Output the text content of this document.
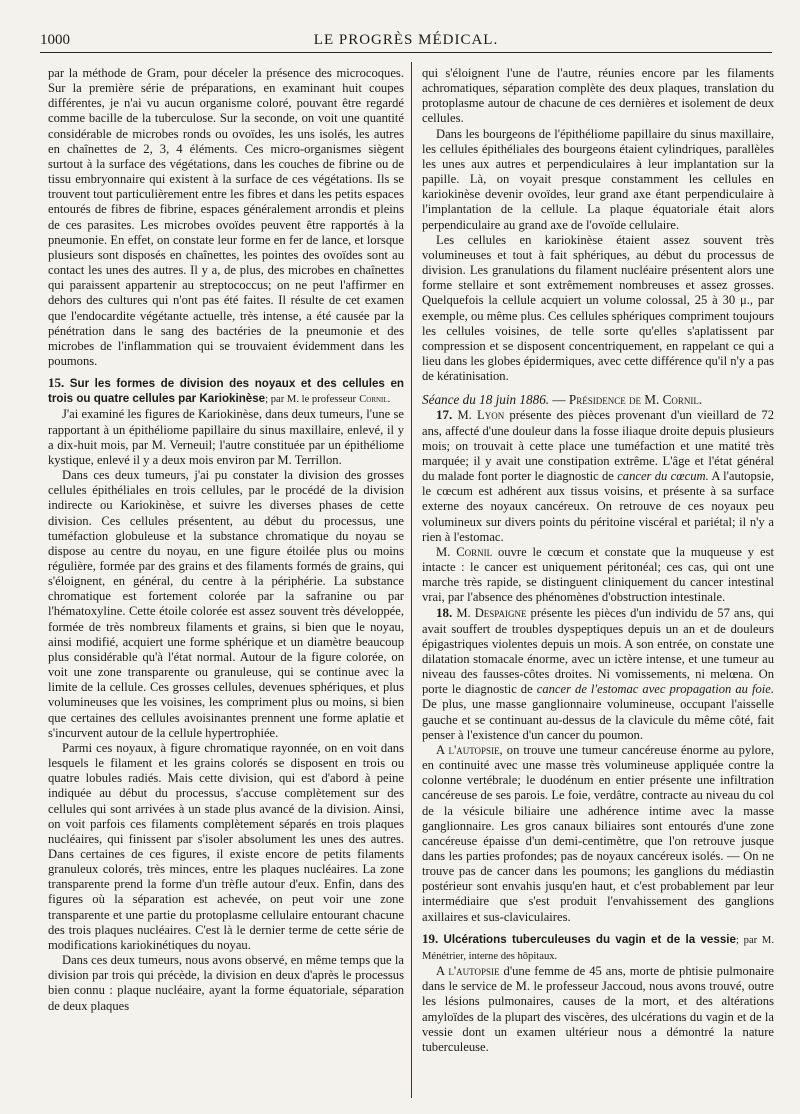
1000	LE PROGRÈS MÉDICAL.

par la méthode de Gram, pour déceler la présence des microcoques. Sur la première série de préparations, en examinant huit coupes différentes, je n'ai vu aucun organisme coloré, pouvant être regardé comme bacille de la tuberculose. Sur la seconde, on voit une quantité considérable de microbes ronds ou ovoïdes, les uns isolés, les autres en chaînettes de 2, 3, 4 éléments. Ces micro-organismes siègent surtout à la surface des végétations, dans les couches de fibrine ou de tissu embryonnaire qui existent à la surface de ces végétations. Ils se trouvent tout particulièrement entre les fibres et dans les petits espaces entourés de fibres de fibrine, espaces généralement arrondis et pleins de ces parasites. Les microbes ovoïdes peuvent être rapportés à la pneumonie. En effet, on constate leur forme en fer de lance, et lorsque plusieurs sont disposés en chaînettes, les pointes des ovoïdes sont au contact les unes des autres. Il y a, de plus, des microbes en chaînettes qui paraissent appartenir au streptococcus; on ne peut l'affirmer en dehors des cultures qui n'ont pas été faites. Il résulte de cet examen que l'endocardite végétante actuelle, très intense, a été causée par la pénétration dans le sang des bactéries de la pneumonie et des microbes de l'inflammation qui se trouvaient évidemment dans les poumons.

15. Sur les formes de division des noyaux et des cellules en trois ou quatre cellules par Kariokinèse; par M. le professeur Cornil.

J'ai examiné les figures de Kariokinèse, dans deux tumeurs, l'une se rapportant à un épithéliome papillaire du sinus maxillaire, enlevé, il y a dix-huit mois, par M. Verneuil; l'autre constituée par un épithéliome kystique, enlevé il y a deux mois environ par M. Terrillon.

Dans ces deux tumeurs, j'ai pu constater la division des grosses cellules épithéliales en trois cellules, par le procédé de la division indirecte ou Kariokinèse, et suivre les diverses phases de cette division. Ces cellules présentent, au début du processus, une tuméfaction globuleuse et la substance chromatique du noyau se dispose au centre du noyau, en une figure étoilée plus ou moins régulière, formée par des grains et des filaments formés de grains, qui s'éloignent, en général, du centre à la périphérie. La substance chromatique est fortement colorée par la safranine ou par l'hématoxyline. Cette étoile colorée est assez souvent très développée, formée de très nombreux filaments et grains, si bien que le noyau, ainsi modifié, acquiert une forme sphérique et un diamètre beaucoup plus considérable qu'à l'état normal. Autour de la figure colorée, on voit une zone transparente ou granuleuse, qui se continue avec la limite de la cellule. Ces grosses cellules, devenues sphériques, et plus volumineuses que les voisines, les compriment plus ou moins, si bien que certaines des cellules avoisinantes prennent une forme aplatie et s'incurvent autour de la cellule hypertrophiée.

Parmi ces noyaux, à figure chromatique rayonnée, on en voit dans lesquels le filament et les grains colorés se disposent en trois ou quatre lobules radiés. Mais cette division, qui est d'abord à peine indiquée au début du processus, s'accuse complètement sur des cellules qui sont arrivées à un stade plus avancé de la division. Ainsi, on voit parfois ces filaments complètement séparés en trois plaques nucléaires, qui finissent par s'isoler absolument les unes des autres. Dans certaines de ces figures, il existe encore de petits filaments granuleux colorés, très minces, entre les plaques nucléaires. La zone transparente prend la forme d'un trèfle autour d'eux. Enfin, dans des figures où la séparation est achevée, on peut voir une zone transparente et une partie du protoplasme cellulaire entourant chacune des trois plaques nucléaires. C'est là le dernier terme de cette série de modifications kariokinétiques du noyau.

Dans ces deux tumeurs, nous avons observé, en même temps que la division par trois qui précède, la division en deux d'après le processus bien connu : plaque nucléaire, ayant la forme équatoriale, séparation de deux plaques

qui s'éloignent l'une de l'autre, réunies encore par les filaments achromatiques, séparation complète des deux plaques, translation du protoplasme autour de chacune de ces dernières et isolement de deux cellules.

Dans les bourgeons de l'épithéliome papillaire du sinus maxillaire, les cellules épithéliales des bourgeons étaient cylindriques, parallèles les unes aux autres et perpendiculaires à leur implantation sur la papille. Là, on voyait presque constamment les cellules en kariokinèse devenir ovoïdes, leur grand axe étant perpendiculaire à l'implantation de la cellule. La plaque équatoriale était alors perpendiculaire au grand axe de l'ovoïde cellulaire.

Les cellules en kariokinèse étaient assez souvent très volumineuses et tout à fait sphériques, au début du processus de division. Les granulations du filament nucléaire présentent alors une forme stellaire et sont extrêmement nombreuses et assez grosses. Quelquefois la cellule acquiert un volume colossal, 25 à 30 μ., par exemple, ou même plus. Ces cellules sphériques compriment toujours les cellules voisines, de telle sorte qu'elles s'aplatissent par compression et se disposent concentriquement, en rappelant ce qui a lieu dans les globes épidermiques, avec cette différence qu'il n'y a pas de kératinisation.

Séance du 18 juin 1886. — Présidence de M. Cornil.

17. M. Lyon présente des pièces provenant d'un vieillard de 72 ans, affecté d'une douleur dans la fosse iliaque droite depuis plusieurs mois; on trouvait à cette place une tuméfaction et une matité très marquée; il y avait une constipation extrême. L'âge et l'état général du malade font porter le diagnostic de cancer du cœcum. A l'autopsie, le cœcum est adhérent aux tissus voisins, et présente à sa surface externe des noyaux cancéreux. On retrouve de ces noyaux peu volumineux sur divers points du péritoine viscéral et pariétal; il n'y a rien à l'estomac.

M. Cornil ouvre le cœcum et constate que la muqueuse y est intacte : le cancer est uniquement péritonéal; ces cas, qui ont une marche très rapide, se distinguent cliniquement du cancer intestinal vrai, par l'absence des phénomènes d'obstruction intestinale.

18. M. Despaigne présente les pièces d'un individu de 57 ans, qui avait souffert de troubles dyspeptiques depuis un an et de douleurs épigastriques violentes depuis un mois. A son entrée, on constate une dilatation stomacale énorme, avec un ictère intense, et une tumeur au niveau des fausses-côtes droites. Ni vomissements, ni melœna. On porte le diagnostic de cancer de l'estomac avec propagation au foie. De plus, une masse ganglionnaire volumineuse, occupant l'aisselle gauche et se continuant au-dessus de la clavicule du même côté, fait penser à l'existence d'un cancer du poumon.

A l'autopsie, on trouve une tumeur cancéreuse énorme au pylore, en continuité avec une masse très volumineuse appliquée contre la colonne vertébrale; le duodénum en entier présente une infiltration cancéreuse de ses parois. Le foie, verdâtre, contracte au niveau du col de la vésicule biliaire une adhérence intime avec la masse ganglionnaire. Les gros canaux biliaires sont entourés d'une zone cancéreuse épaisse d'un demi-centimètre, que l'on retrouve jusque dans les parties profondes; pas de noyaux cancéreux isolés. — On ne trouve pas de cancer dans les poumons; les ganglions du médiastin postérieur sont envahis jusqu'en haut, et c'est probablement par leur intermédiaire que s'est produit l'envahissement des ganglions axillaires et sus-claviculaires.

19. Ulcérations tuberculeuses du vagin et de la vessie; par M. Ménétrier, interne des hôpitaux.

A l'autopsie d'une femme de 45 ans, morte de phtisie pulmonaire dans le service de M. le professeur Jaccoud, nous avons trouvé, outre les lésions pulmonaires, causes de la mort, et des altérations amyloïdes de la plupart des viscères, des ulcérations du vagin et de la vessie dont un examen ultérieur nous a démontré la nature tuberculeuse.
